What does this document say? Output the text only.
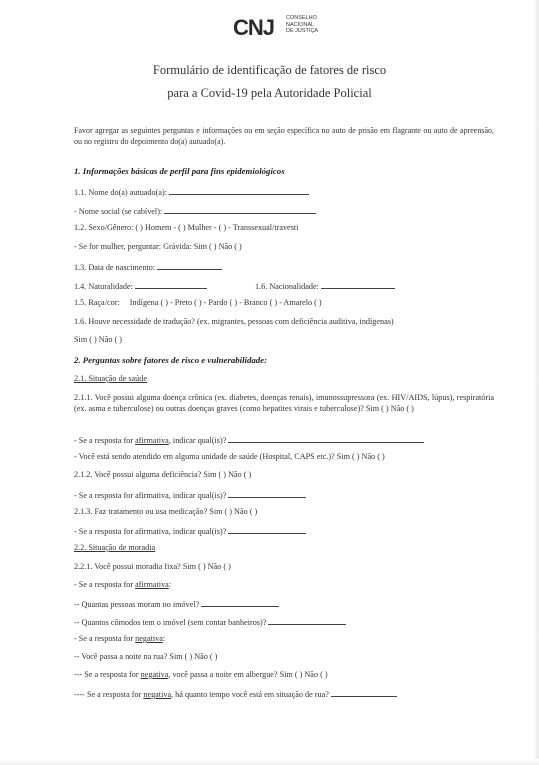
CNJ CONSELHO
NACIONAL
DE JUSTIÇA
Formulário de identificação de fatores de risco
para a Covid-19 pela Autoridade Policial
Favor agregar as seguintes perguntas e informações ou em seção específica no auto de prisão em flagrante ou auto de apreensão, ou no registro do depoimento do(a) autuado(a).
1. Informações básicas de perfil para fins epidemiológicos
1.1. Nome do(a) autuado(a):
- Nome social (se cabível):
1.2. Sexo/Gênero: ( ) Homem - ( ) Mulher - ( ) - Transsexual/travesti
- Se for mulher, perguntar: Grávida: Sim ( ) Não ( )
1.3. Data de nascimento:
1.4. Naturalidade:	1.6. Nacionalidade:
1.5. Raça/cor: Indígena ( ) - Preto ( ) - Pardo ( ) - Branco ( ) - Amarelo ( )
1.6. Houve necessidade de tradução? (ex. migrantes, pessoas com deficiência auditiva, indígenas)
Sim ( ) Não ( )
2. Perguntas sobre fatores de risco e vulnerabilidade:
2.1. Situação de saúde
2.1.1. Você possui alguma doença crônica (ex. diabetes, doenças renais), imunossupressora (ex. HIV/AIDS, lúpus), respiratória (ex. asma e tuberculose) ou outras doenças graves (como hepatites virais e tuberculose)? Sim ( ) Não ( )
- Se a resposta for afirmativa, indicar qual(is)?
- Você está sendo atendido em alguma unidade de saúde (Hospital, CAPS etc.)? Sim ( ) Não ( )
2.1.2. Você possui alguma deficiência? Sim ( ) Não ( )
- Se a resposta for afirmativa, indicar qual(is)?
2.1.3. Faz tratamento ou usa medicação? Sim ( ) Não ( )
- Se a resposta for afirmativa, indicar qual(is)?
2.2. Situação de moradia
2.2.1. Você possui moradia fixa? Sim ( ) Não ( )
- Se a resposta for afirmativa:
-- Quantas pessoas moram no imóvel?
-- Quantos cômodos tem o imóvel (sem contar banheiros)?
- Se a resposta for negativa:
-- Você passa a noite na rua? Sim ( ) Não ( )
--- Se a resposta for negativa, você passa a noite em albergue? Sim ( ) Não ( )
---- Se a resposta for negativa, há quanto tempo você está em situação de rua?
